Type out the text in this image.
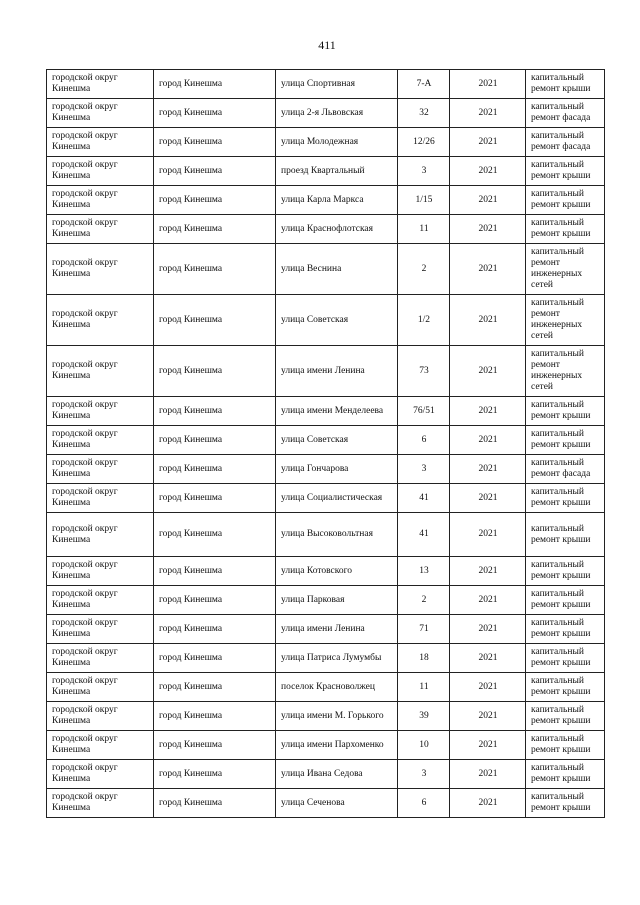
411
городской округ Кинешма	город Кинешма	улица Спортивная	7-А	2021	капитальный ремонт крыши
городской округ Кинешма	город Кинешма	улица 2-я Львовская	32	2021	капитальный ремонт фасада
городской округ Кинешма	город Кинешма	улица Молодежная	12/26	2021	капитальный ремонт фасада
городской округ Кинешма	город Кинешма	проезд Квартальный	3	2021	капитальный ремонт крыши
городской округ Кинешма	город Кинешма	улица Карла Маркса	1/15	2021	капитальный ремонт крыши
городской округ Кинешма	город Кинешма	улица Краснофлотская	11	2021	капитальный ремонт крыши
городской округ Кинешма	город Кинешма	улица Веснина	2	2021	капитальный ремонт инженерных сетей
городской округ Кинешма	город Кинешма	улица Советская	1/2	2021	капитальный ремонт инженерных сетей
городской округ Кинешма	город Кинешма	улица имени Ленина	73	2021	капитальный ремонт инженерных сетей
городской округ Кинешма	город Кинешма	улица имени Менделеева	76/51	2021	капитальный ремонт крыши
городской округ Кинешма	город Кинешма	улица Советская	6	2021	капитальный ремонт крыши
городской округ Кинешма	город Кинешма	улица Гончарова	3	2021	капитальный ремонт фасада
городской округ Кинешма	город Кинешма	улица Социалистическая	41	2021	капитальный ремонт крыши
городской округ Кинешма	город Кинешма	улица Высоковольтная	41	2021	капитальный ремонт крыши
городской округ Кинешма	город Кинешма	улица Котовского	13	2021	капитальный ремонт крыши
городской округ Кинешма	город Кинешма	улица Парковая	2	2021	капитальный ремонт крыши
городской округ Кинешма	город Кинешма	улица имени Ленина	71	2021	капитальный ремонт крыши
городской округ Кинешма	город Кинешма	улица Патриса Лумумбы	18	2021	капитальный ремонт крыши
городской округ Кинешма	город Кинешма	поселок Красноволжец	11	2021	капитальный ремонт крыши
городской округ Кинешма	город Кинешма	улица имени М. Горького	39	2021	капитальный ремонт крыши
городской округ Кинешма	город Кинешма	улица имени Пархоменко	10	2021	капитальный ремонт крыши
городской округ Кинешма	город Кинешма	улица Ивана Седова	3	2021	капитальный ремонт крыши
городской округ Кинешма	город Кинешма	улица Сеченова	6	2021	капитальный ремонт крыши
